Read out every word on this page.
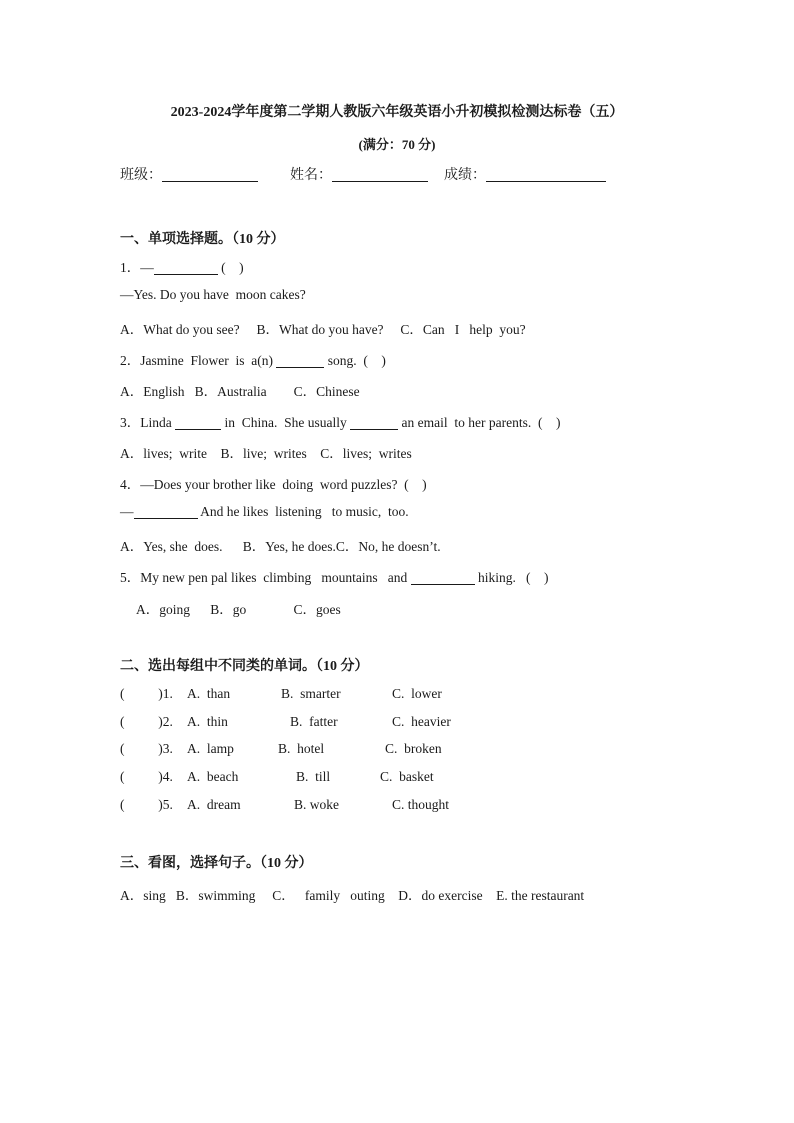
2023-2024学年度第二学期人教版六年级英语小升初模拟检测达标卷（五）
(满分：70 分)
班级：	姓名：	成绩：
一、单项选择题。（10 分）
1．—	(    )
—Yes. Do you have  moon cakes?
A．What do you see?     B．What do you have?     C．Can   I   help  you?
2．Jasmine  Flower  is  a(n)	song.  (    )
A．English   B．Australia        C．Chinese
3．Linda	in  China.  She usually	an email  to her parents.  (    )
A．lives;  write    B．live;  writes    C．lives;  writes
4．—Does your brother like  doing  word puzzles?  (    )
—	And he likes  listening   to music,  too.
A．Yes, she  does.      B．Yes, he does.C．No, he doesn’t.
5．My new pen pal likes  climbing   mountains   and	hiking.   (    )
A．going      B．go              C．goes
二、选出每组中不同类的单词。（10 分）
(          )1. A.  than	B.  smarter	C.  lower
(          )2. A.  thin	B.  fatter	C.  heavier
(          )3. A.  lamp	B.  hotel	C.  broken
(          )4. A.  beach	B.  till	C.  basket
(          )5. A.  dream	B. woke	C. thought
三、看图，选择句子。（10 分）
A．sing   B．swimming     C．   family   outing    D．do exercise    E. the restaurant
